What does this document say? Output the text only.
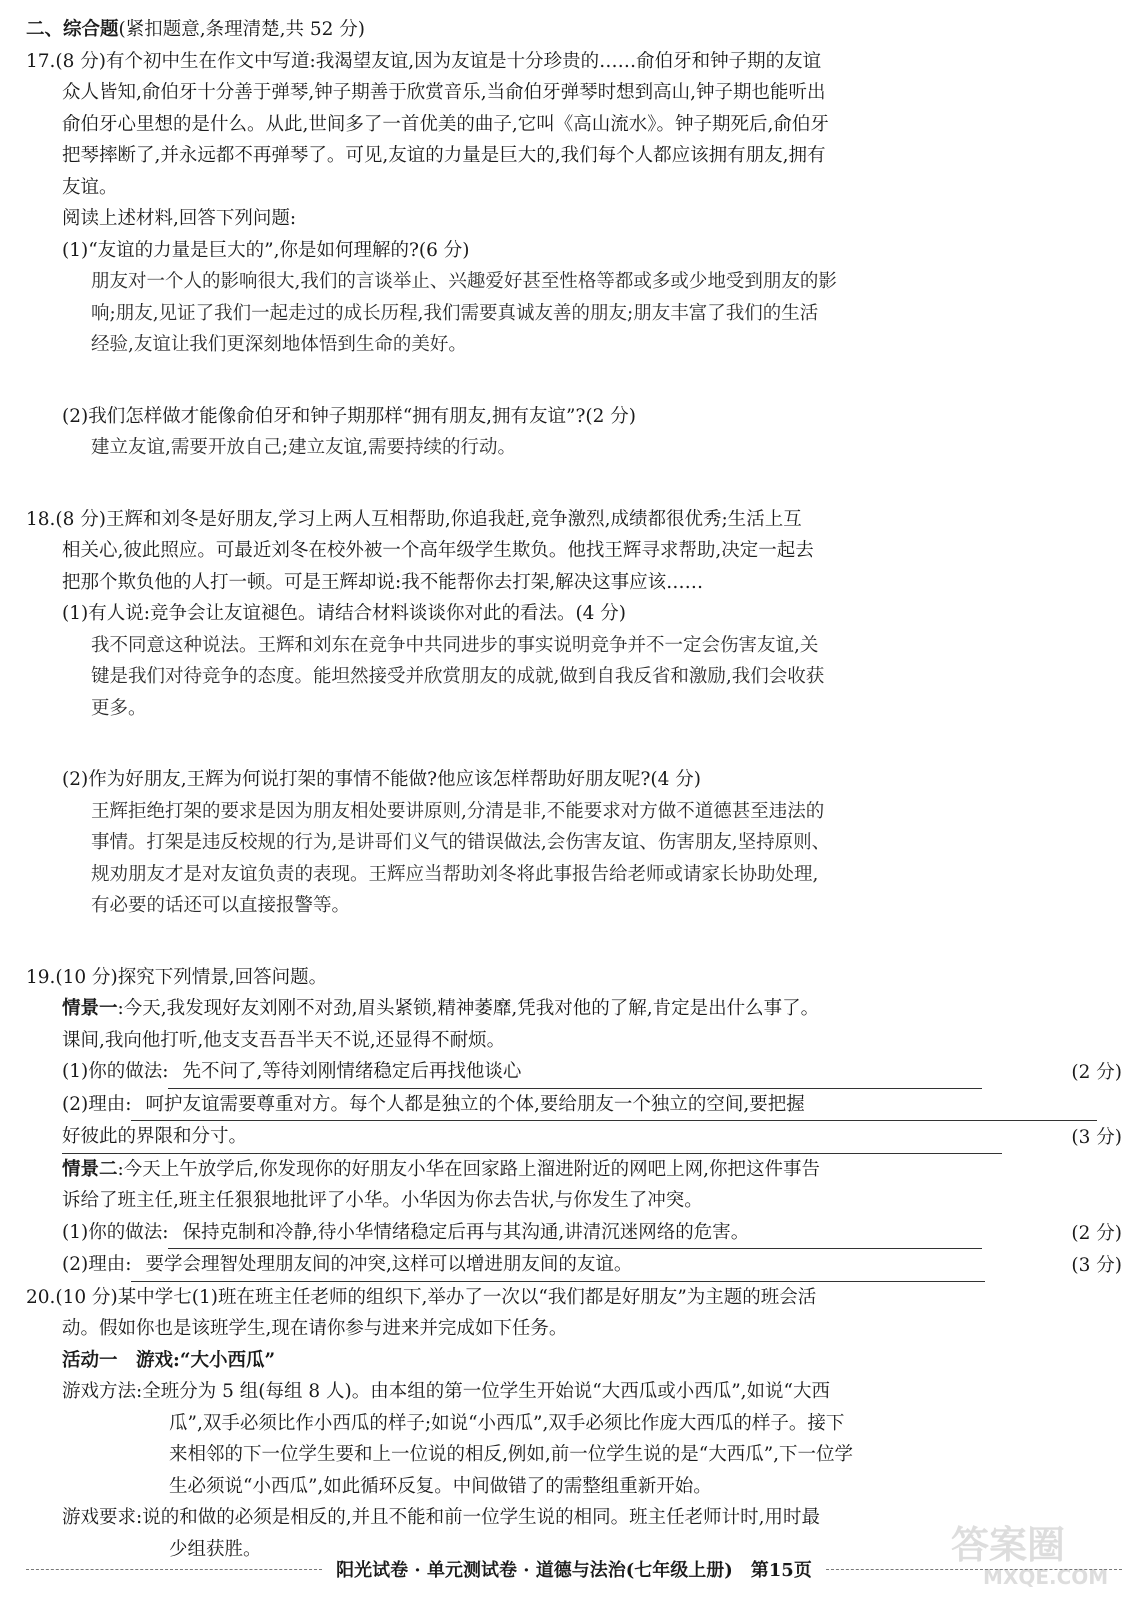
二、综合题(紧扣题意,条理清楚,共 52 分)

17.(8 分)有个初中生在作文中写道:我渴望友谊,因为友谊是十分珍贵的……俞伯牙和钟子期的友谊

众人皆知,俞伯牙十分善于弹琴,钟子期善于欣赏音乐,当俞伯牙弹琴时想到高山,钟子期也能听出

俞伯牙心里想的是什么。从此,世间多了一首优美的曲子,它叫《高山流水》。钟子期死后,俞伯牙

把琴摔断了,并永远都不再弹琴了。可见,友谊的力量是巨大的,我们每个人都应该拥有朋友,拥有

友谊。

阅读上述材料,回答下列问题:

(1)“友谊的力量是巨大的”,你是如何理解的?(6 分)

朋友对一个人的影响很大,我们的言谈举止、兴趣爱好甚至性格等都或多或少地受到朋友的影

响;朋友,见证了我们一起走过的成长历程,我们需要真诚友善的朋友;朋友丰富了我们的生活

经验,友谊让我们更深刻地体悟到生命的美好。

(2)我们怎样做才能像俞伯牙和钟子期那样“拥有朋友,拥有友谊”?(2 分)

建立友谊,需要开放自己;建立友谊,需要持续的行动。

18.(8 分)王辉和刘冬是好朋友,学习上两人互相帮助,你追我赶,竞争激烈,成绩都很优秀;生活上互

相关心,彼此照应。可最近刘冬在校外被一个高年级学生欺负。他找王辉寻求帮助,决定一起去

把那个欺负他的人打一顿。可是王辉却说:我不能帮你去打架,解决这事应该……

(1)有人说:竞争会让友谊褪色。请结合材料谈谈你对此的看法。(4 分)

我不同意这种说法。王辉和刘东在竞争中共同进步的事实说明竞争并不一定会伤害友谊,关

键是我们对待竞争的态度。能坦然接受并欣赏朋友的成就,做到自我反省和激励,我们会收获

更多。

(2)作为好朋友,王辉为何说打架的事情不能做?他应该怎样帮助好朋友呢?(4 分)

王辉拒绝打架的要求是因为朋友相处要讲原则,分清是非,不能要求对方做不道德甚至违法的

事情。打架是违反校规的行为,是讲哥们义气的错误做法,会伤害友谊、伤害朋友,坚持原则、

规劝朋友才是对友谊负责的表现。王辉应当帮助刘冬将此事报告给老师或请家长协助处理,

有必要的话还可以直接报警等。

19.(10 分)探究下列情景,回答问题。

情景一:今天,我发现好友刘刚不对劲,眉头紧锁,精神萎靡,凭我对他的了解,肯定是出什么事了。

课间,我向他打听,他支支吾吾半天不说,还显得不耐烦。

(1)你的做法: 先不问了,等待刘刚情绪稳定后再找他谈心	(2 分)

(2)理由: 呵护友谊需要尊重对方。每个人都是独立的个体,要给朋友一个独立的空间,要把握

好彼此的界限和分寸。	(3 分)

情景二:今天上午放学后,你发现你的好朋友小华在回家路上溜进附近的网吧上网,你把这件事告

诉给了班主任,班主任狠狠地批评了小华。小华因为你去告状,与你发生了冲突。

(1)你的做法: 保持克制和冷静,待小华情绪稳定后再与其沟通,讲清沉迷网络的危害。	(2 分)
(2)理由: 要学会理智处理朋友间的冲突,这样可以增进朋友间的友谊。	(3 分)

20.(10 分)某中学七(1)班在班主任老师的组织下,举办了一次以“我们都是好朋友”为主题的班会活

动。假如你也是该班学生,现在请你参与进来并完成如下任务。

活动一　游戏:“大小西瓜”

游戏方法:全班分为 5 组(每组 8 人)。由本组的第一位学生开始说“大西瓜或小西瓜”,如说“大西

瓜”,双手必须比作小西瓜的样子;如说“小西瓜”,双手必须比作庞大西瓜的样子。接下

来相邻的下一位学生要和上一位说的相反,例如,前一位学生说的是“大西瓜”,下一位学

生必须说“小西瓜”,如此循环反复。中间做错了的需整组重新开始。

游戏要求:说的和做的必须是相反的,并且不能和前一位学生说的相同。班主任老师计时,用时最

少组获胜。	答案圈
MXQE.COM
阳光试卷 · 单元测试卷 · 道德与法治(七年级上册)　第15页
